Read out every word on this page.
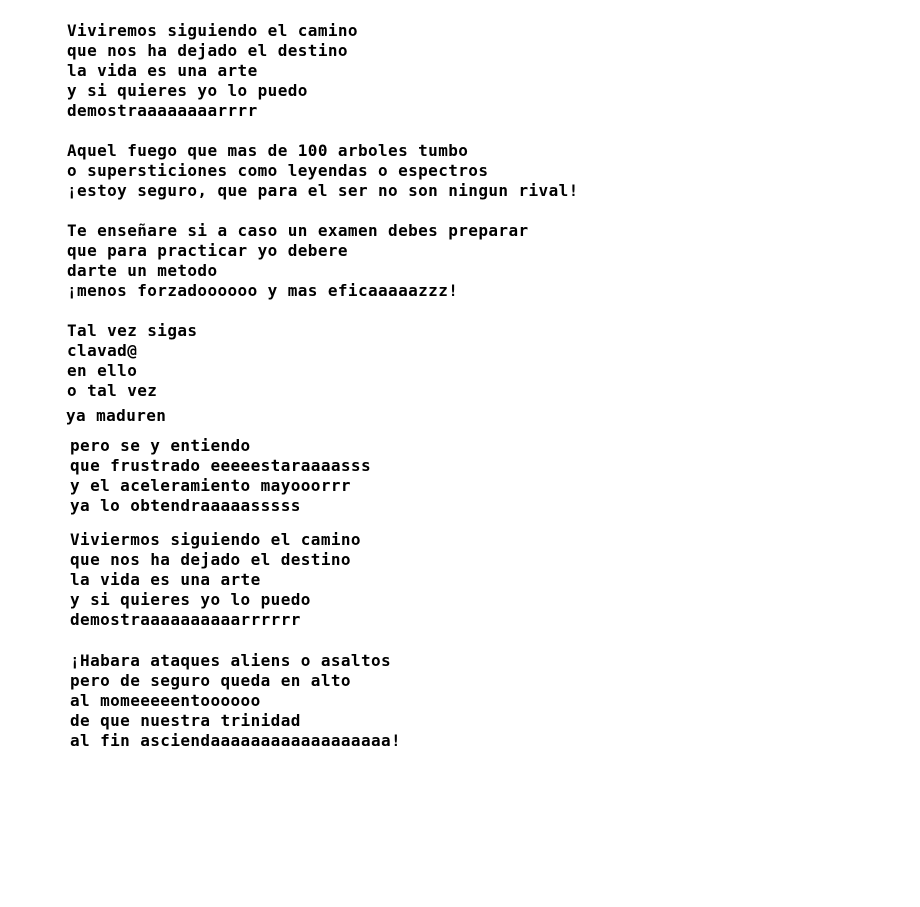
Viviremos siguiendo el camino
que nos ha dejado el destino
la vida es una arte
y si quieres yo lo puedo
demostraaaaaaaarrrr
Aquel fuego que mas de 100 arboles tumbo
o supersticiones como leyendas o espectros
¡estoy seguro, que para el ser no son ningun rival!
Te enseñare si a caso un examen debes preparar
que para practicar yo debere
darte un metodo
¡menos forzadoooooo y mas eficaaaaazzz!
Tal vez sigas
clavad@
en ello
o tal vez
ya maduren
pero se y entiendo
que frustrado eeeeestaraaaasss
y el aceleramiento mayooorrr
ya lo obtendraaaaasssss
Viviermos siguiendo el camino
que nos ha dejado el destino
la vida es una arte
y si quieres yo lo puedo
demostraaaaaaaaaarrrrrr
¡Habara ataques aliens o asaltos
pero de seguro queda en alto
al momeeeeentoooooo
de que nuestra trinidad
al fin asciendaaaaaaaaaaaaaaaaaa!
